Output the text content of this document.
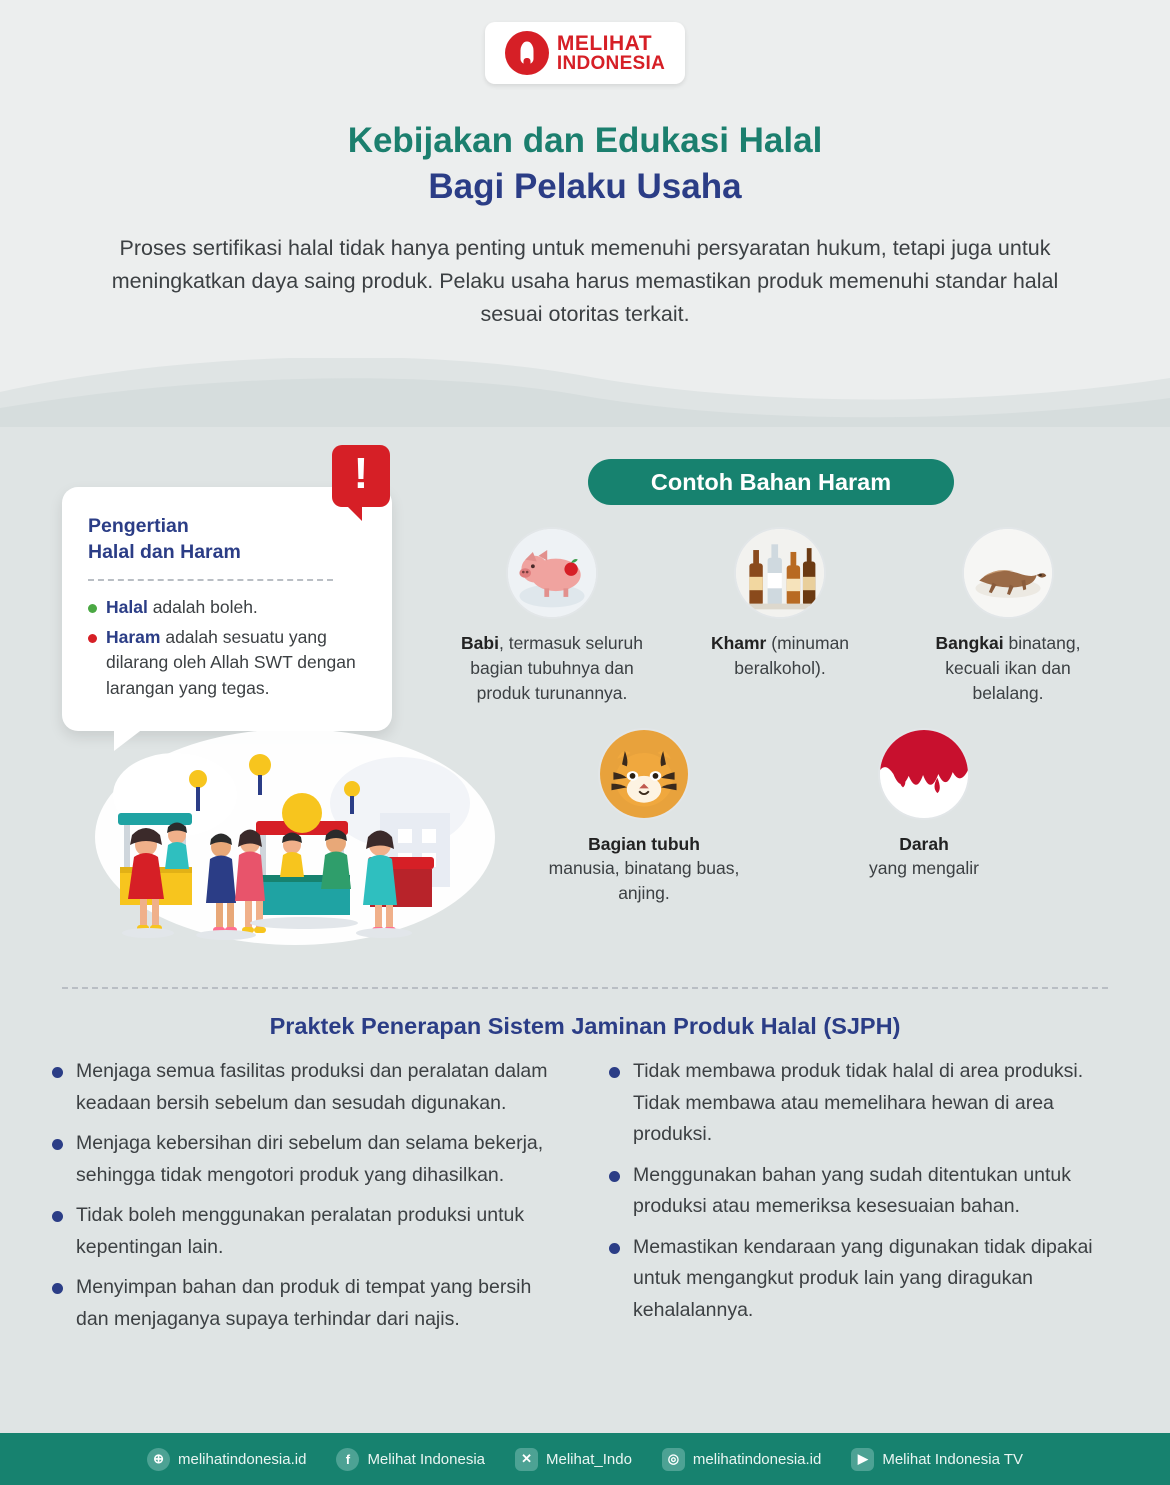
MELIHAT
INDONESIA
Kebijakan dan Edukasi Halal
Bagi Pelaku Usaha

Proses sertifikasi halal tidak hanya penting untuk memenuhi persyaratan hukum, tetapi juga untuk meningkatkan daya saing produk. Pelaku usaha harus memastikan produk memenuhi standar halal sesuai otoritas terkait.

Pengertian
Halal dan Haram
Halal adalah boleh.
Haram adalah sesuatu yang dilarang oleh Allah SWT dengan larangan yang tegas.
!	Contoh Bahan Haram
Babi, termasuk seluruh bagian tubuhnya dan produk turunannya.
Khamr (minuman beralkohol).
Bangkai binatang, kecuali ikan dan belalang.
Bagian tubuh
manusia, binatang buas, anjing.
Darah
yang mengalir
Praktek Penerapan Sistem Jaminan Produk Halal (SJPH)
Menjaga semua fasilitas produksi dan peralatan dalam keadaan bersih sebelum dan sesudah digunakan.
Menjaga kebersihan diri sebelum dan selama bekerja, sehingga tidak mengotori produk yang dihasilkan.
Tidak boleh menggunakan peralatan produksi untuk kepentingan lain.
Menyimpan bahan dan produk di tempat yang bersih dan menjaganya supaya terhindar dari najis.
Tidak membawa produk tidak halal di area produksi. Tidak membawa atau memelihara hewan di area produksi.
Menggunakan bahan yang sudah ditentukan untuk produksi atau memeriksa kesesuaian bahan.
Memastikan kendaraan yang digunakan tidak dipakai untuk mengangkut produk lain yang diragukan kehalalannya.
⊕ melihatindonesia.id	f	Melihat Indonesia	✕ Melihat_Indo	◎ melihatindonesia.id	▶ Melihat Indonesia TV
